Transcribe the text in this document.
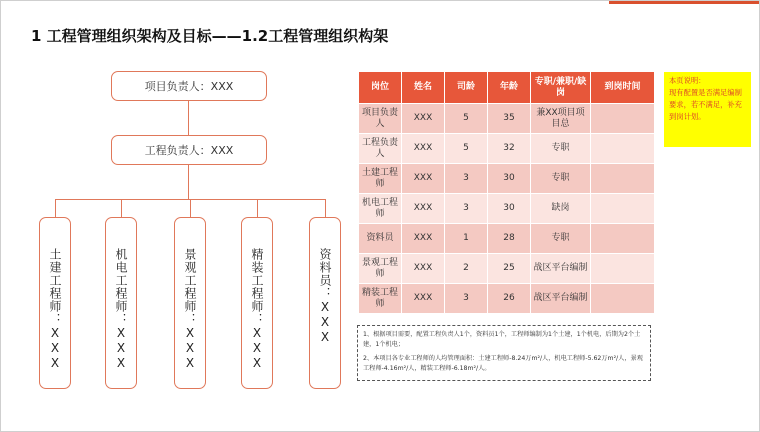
1 工程管理组织架构及目标——1.2工程管理组织构架
项目负责人：XXX
工程负责人：XXX
土建工程师：XXX	机电工程师：XXX	景观工程师：XXX	精装工程师：XXX	资料员：XXX
岗位	姓名	司龄	年龄	专职/兼职/缺岗	到岗时间
项目负责人	XXX	5	35	兼XX项目项目总	
工程负责人	XXX	5	32	专职	
土建工程师	XXX	3	30	专职	
机电工程师	XXX	3	30	缺岗	
资料员	XXX	1	28	专职	
景观工程师	XXX	2	25	战区平台编制	
精装工程师	XXX	3	26	战区平台编制	

1、根据项目需要，配置工程负责人1个，资料员1个，工程师编制为1个土建，1个机电，后期为2个土建，1个机电；

2、本项目各专业工程师的人均管理面积：土建工程师-8.24万m²/人，机电工程师-5.62万m²/人，景观工程师-4.16m²/人，精装工程师-6.18m²/人。

本页说明：
现有配置是否满足编制要求，若不满足，补充到岗计划。
